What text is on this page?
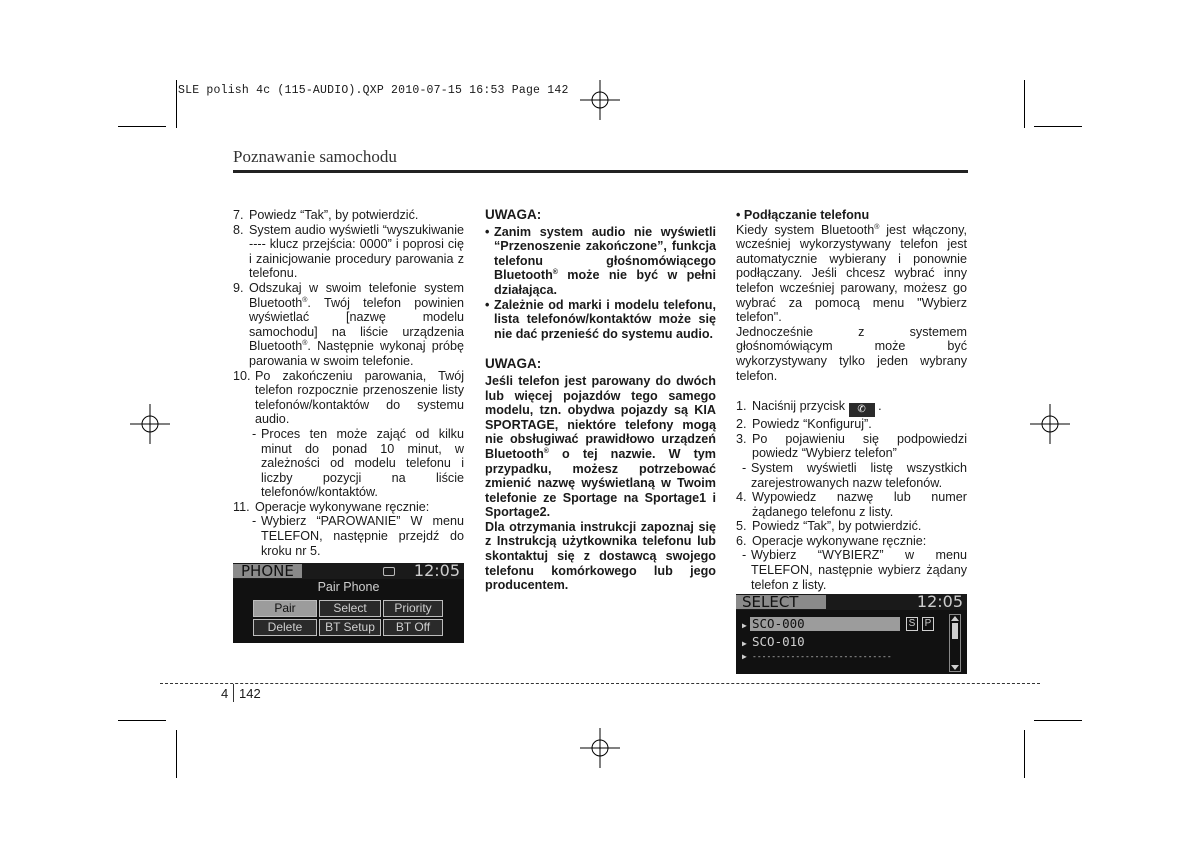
SLE polish 4c (115-AUDIO).QXP 2010-07-15 16:53 Page 142
Poznawanie samochodu
7. Powiedz “Tak”, by potwierdzić.
8. System audio wyświetli “wyszukiwanie ---- klucz przejścia: 0000” i poprosi cię i zainicjowanie procedury parowania z telefonu.
9. Odszukaj w swoim telefonie system Bluetooth®. Twój telefon powinien wyświetlać [nazwę modelu samochodu] na liście urządzenia Bluetooth®. Następnie wykonaj próbę parowania w swoim telefonie.
10. Po zakończeniu parowania, Twój telefon rozpocznie przenoszenie listy telefonów/kontaktów do systemu audio.
- Proces ten może zająć od kilku minut do ponad 10 minut, w zależności od modelu telefonu i liczby pozycji na liście telefonów/kontaktów.
11. Operacje wykonywane ręcznie:
- Wybierz “PAROWANIE” W menu TELEFON, następnie przejdź do kroku nr 5.
PHONE	12:05
Pair Phone
Pair	Select	Priority
Delete	BT Setup	BT Off

UWAGA:

• Zanim system audio nie wyświetli “Przenoszenie zakończone”, funkcja telefonu głośnomówiącego Bluetooth® może nie być w pełni działająca.
• Zależnie od marki i modelu telefonu, lista telefonów/kontaktów może się nie dać przenieść do systemu audio.

UWAGA:

Jeśli telefon jest parowany do dwóch lub więcej pojazdów tego samego modelu, tzn. obydwa pojazdy są KIA SPORTAGE, niektóre telefony mogą nie obsługiwać prawidłowo urządzeń Bluetooth® o tej nazwie. W tym przypadku, możesz potrzebować zmienić nazwę wyświetlaną w Twoim telefonie ze Sportage na Sportage1 i Sportage2.

Dla otrzymania instrukcji zapoznaj się z Instrukcją użytkownika telefonu lub skontaktuj się z dostawcą swojego telefonu komórkowego lub jego producentem.

• Podłączanie telefonu

Kiedy system Bluetooth® jest włączony, wcześniej wykorzystywany telefon jest automatycznie wybierany i ponownie podłączany. Jeśli chcesz wybrać inny telefon wcześniej parowany, możesz go wybrać za pomocą menu "Wybierz telefon".

Jednocześnie z systemem głośnomówiącym może być wykorzystywany tylko jeden wybrany telefon.

1. Naciśnij przycisk ✆ .
2. Powiedz “Konfiguruj”.
3. Po pojawieniu się podpowiedzi powiedz “Wybierz telefon”
- System wyświetli listę wszystkich zarejestrowanych nazw telefonów.
4. Wypowiedz nazwę lub numer żądanego telefonu z listy.
5. Powiedz “Tak”, by potwierdzić.
6. Operacje wykonywane ręcznie:
- Wybierz “WYBIERZ” w menu TELEFON, następnie wybierz żądany telefon z listy.
SELECT	12:05
▶ SCO-000
▶ SCO-010
▶ -----------------------------
S P
4 142
